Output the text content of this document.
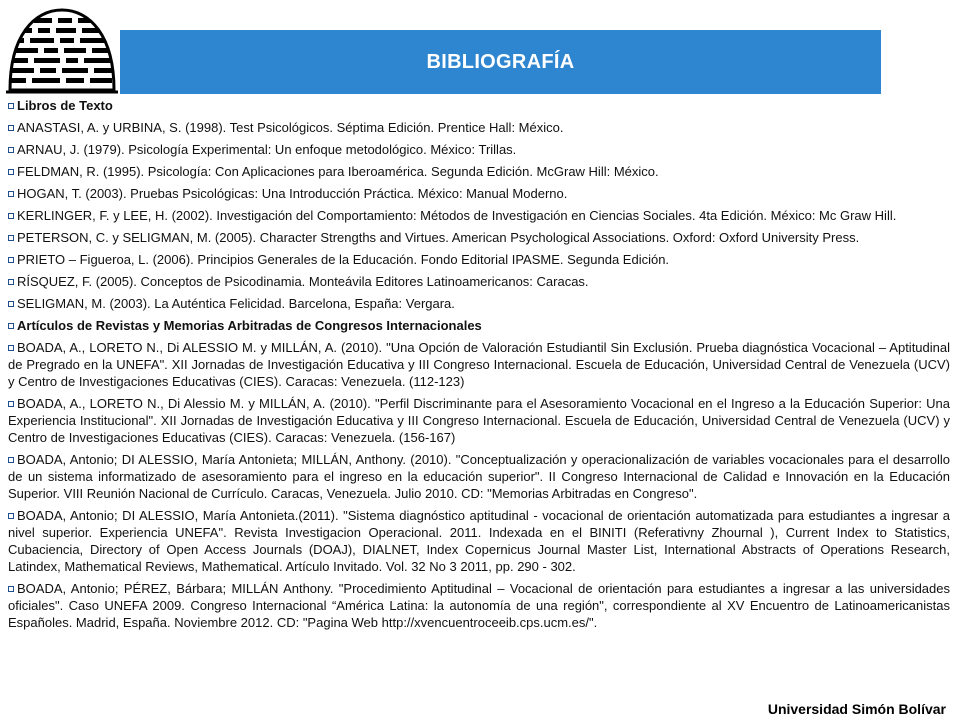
BIBLIOGRAFÍA
Libros de Texto
ANASTASI, A. y URBINA, S. (1998). Test Psicológicos. Séptima Edición. Prentice Hall: México.
ARNAU, J. (1979). Psicología Experimental: Un enfoque metodológico. México: Trillas.
FELDMAN, R. (1995). Psicología: Con Aplicaciones para Iberoamérica. Segunda Edición. McGraw Hill: México.
HOGAN, T. (2003). Pruebas Psicológicas: Una Introducción Práctica. México: Manual Moderno.
KERLINGER, F. y LEE, H. (2002). Investigación del Comportamiento: Métodos de Investigación en Ciencias Sociales. 4ta Edición. México: Mc Graw Hill.
PETERSON, C. y SELIGMAN, M. (2005). Character Strengths and Virtues. American Psychological Associations. Oxford: Oxford University Press.
PRIETO – Figueroa, L. (2006). Principios Generales de la Educación. Fondo Editorial IPASME. Segunda Edición.
RÍSQUEZ, F. (2005). Conceptos de Psicodinamia. Monteávila Editores Latinoamericanos: Caracas.
SELIGMAN, M. (2003). La Auténtica Felicidad. Barcelona, España: Vergara.
Artículos de Revistas y Memorias Arbitradas de Congresos Internacionales
BOADA, A., LORETO N., Di ALESSIO M. y MILLÁN, A. (2010). "Una Opción de Valoración Estudiantil Sin Exclusión. Prueba diagnóstica Vocacional – Aptitudinal de Pregrado en la UNEFA". XII Jornadas de Investigación Educativa y III Congreso Internacional. Escuela de Educación, Universidad Central de Venezuela (UCV) y Centro de Investigaciones Educativas (CIES). Caracas: Venezuela. (112-123)
BOADA, A., LORETO N., Di Alessio M. y MILLÁN, A. (2010). "Perfil Discriminante para el Asesoramiento Vocacional en el Ingreso a la Educación Superior: Una Experiencia Institucional". XII Jornadas de Investigación Educativa y III Congreso Internacional. Escuela de Educación, Universidad Central de Venezuela (UCV) y Centro de Investigaciones Educativas (CIES). Caracas: Venezuela. (156-167)
BOADA, Antonio; DI ALESSIO, María Antonieta; MILLÁN, Anthony. (2010). "Conceptualización y operacionalización de variables vocacionales para el desarrollo de un sistema informatizado de asesoramiento para el ingreso en la educación superior". II Congreso Internacional de Calidad e Innovación en la Educación Superior. VIII Reunión Nacional de Currículo. Caracas, Venezuela. Julio 2010. CD: "Memorias Arbitradas en Congreso".
BOADA, Antonio; DI ALESSIO, María Antonieta.(2011). "Sistema diagnóstico aptitudinal - vocacional de orientación automatizada para estudiantes a ingresar a nivel superior. Experiencia UNEFA". Revista Investigacion Operacional. 2011. Indexada en el BINITI (Referativny Zhournal ), Current Index to Statistics, Cubaciencia, Directory of Open Access Journals (DOAJ), DIALNET, Index Copernicus Journal Master List, International Abstracts of Operations Research, Latindex, Mathematical Reviews, Mathematical. Artículo Invitado. Vol. 32 No 3 2011, pp. 290 - 302.
BOADA, Antonio; PÉREZ, Bárbara; MILLÁN Anthony. "Procedimiento Aptitudinal – Vocacional de orientación para estudiantes a ingresar a las universidades oficiales". Caso UNEFA 2009. Congreso Internacional “América Latina: la autonomía de una región", correspondiente al XV Encuentro de Latinoamericanistas Españoles. Madrid, España. Noviembre 2012. CD: "Pagina Web http://xvencuentroceeib.cps.ucm.es/".
Universidad Simón Bolívar
